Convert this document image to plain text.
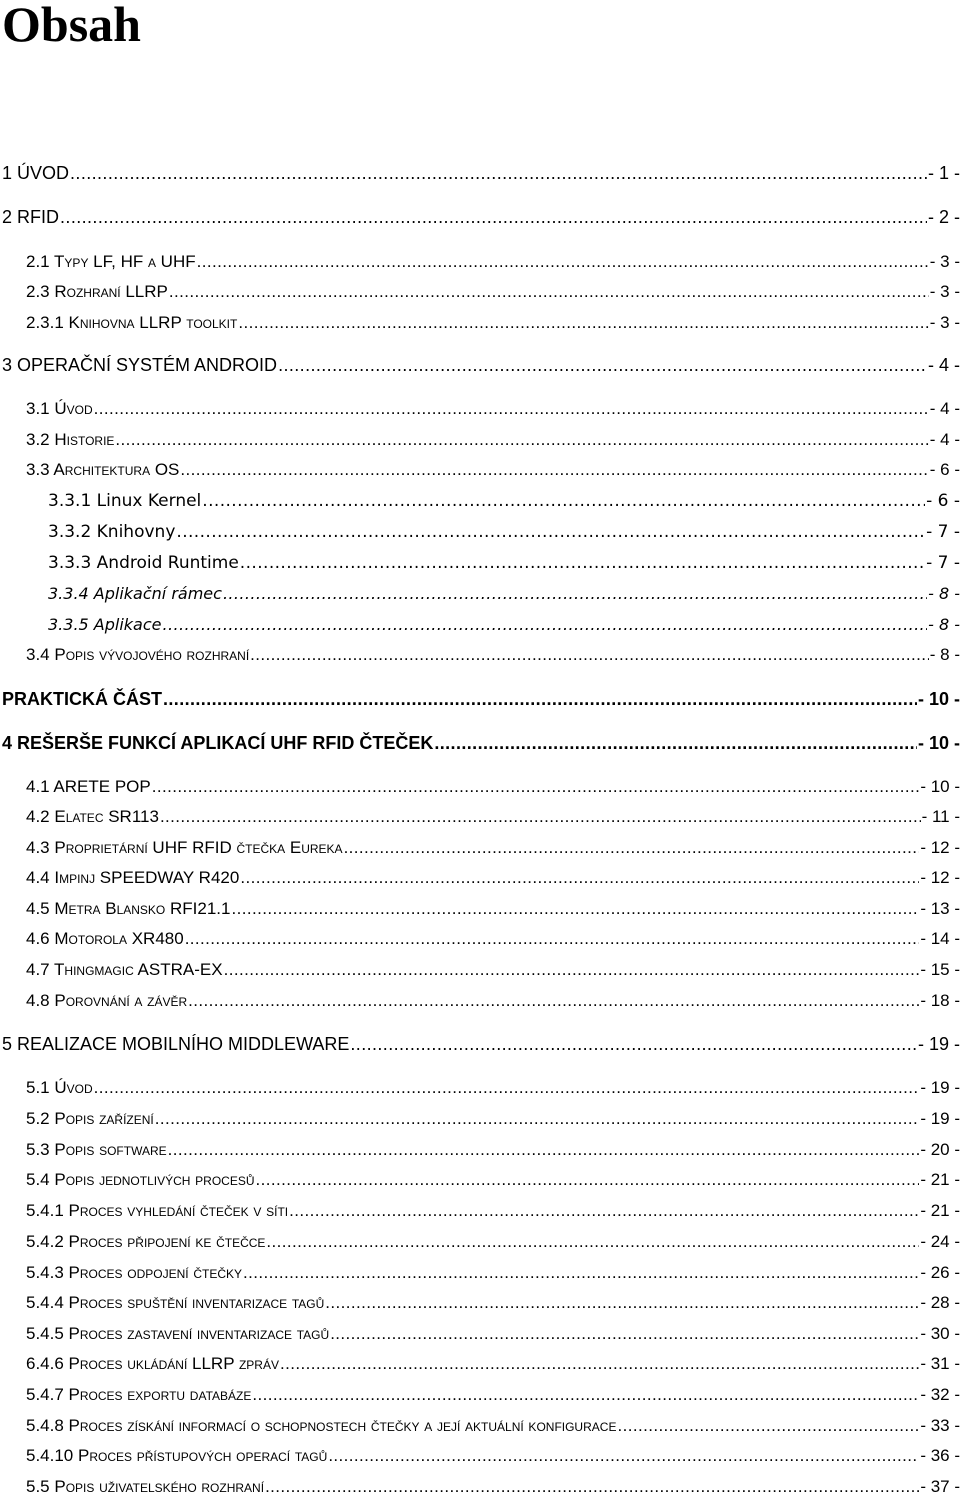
Obsah
1 ÚVOD .....	- 1 -
2 RFID .....	- 2 -
2.1 Typy LF, HF a UHF .....	- 3 -
2.3 Rozhraní LLRP .....	- 3 -
2.3.1 Knihovna LLRP toolkit .....	- 3 -
3 OPERAČNÍ SYSTÉM ANDROID .....	- 4 -
3.1 Úvod .....	- 4 -
3.2 Historie .....	- 4 -
3.3 Architektura OS .....	- 6 -
3.3.1 Linux Kernel .....	- 6 -
3.3.2 Knihovny .....	- 7 -
3.3.3 Android Runtime .....	- 7 -
3.3.4 Aplikační rámec .....	- 8 -
3.3.5 Aplikace .....	- 8 -
3.4 Popis vývojového rozhraní .....	- 8 -
PRAKTICKÁ ČÁST .....	- 10 -
4 REŠERŠE FUNKCÍ APLIKACÍ UHF RFID ČTEČEK .....	- 10 -
4.1 ARETE POP .....	- 10 -
4.2 Elatec SR113 .....	- 11 -
4.3 Proprietární UHF RFID čtečka Eureka .....	- 12 -
4.4 Impinj SPEEDWAY R420 .....	- 12 -
4.5 Metra Blansko RFI21.1 .....	- 13 -
4.6 Motorola XR480 .....	- 14 -
4.7 Thingmagic ASTRA-EX .....	- 15 -
4.8 Porovnání a závěr .....	- 18 -
5 REALIZACE MOBILNÍHO MIDDLEWARE .....	- 19 -
5.1 Úvod .....	- 19 -
5.2 Popis zařízení .....	- 19 -
5.3 Popis software .....	- 20 -
5.4 Popis jednotlivých procesů .....	- 21 -
5.4.1 Proces vyhledání čteček v síti .....	- 21 -
5.4.2 Proces připojení ke čtečce .....	- 24 -
5.4.3 Proces odpojení čtečky .....	- 26 -
5.4.4 Proces spuštění inventarizace tagů .....	- 28 -
5.4.5 Proces zastavení inventarizace tagů .....	- 30 -
6.4.6 Proces ukládání LLRP zpráv .....	- 31 -
5.4.7 Proces exportu databáze .....	- 32 -
5.4.8 Proces získání informací o schopnostech čtečky a její aktuální konfigurace .....	- 33 -
5.4.10 Proces přístupových operací tagů .....	- 36 -
5.5 Popis uživatelského rozhraní .....	- 37 -
